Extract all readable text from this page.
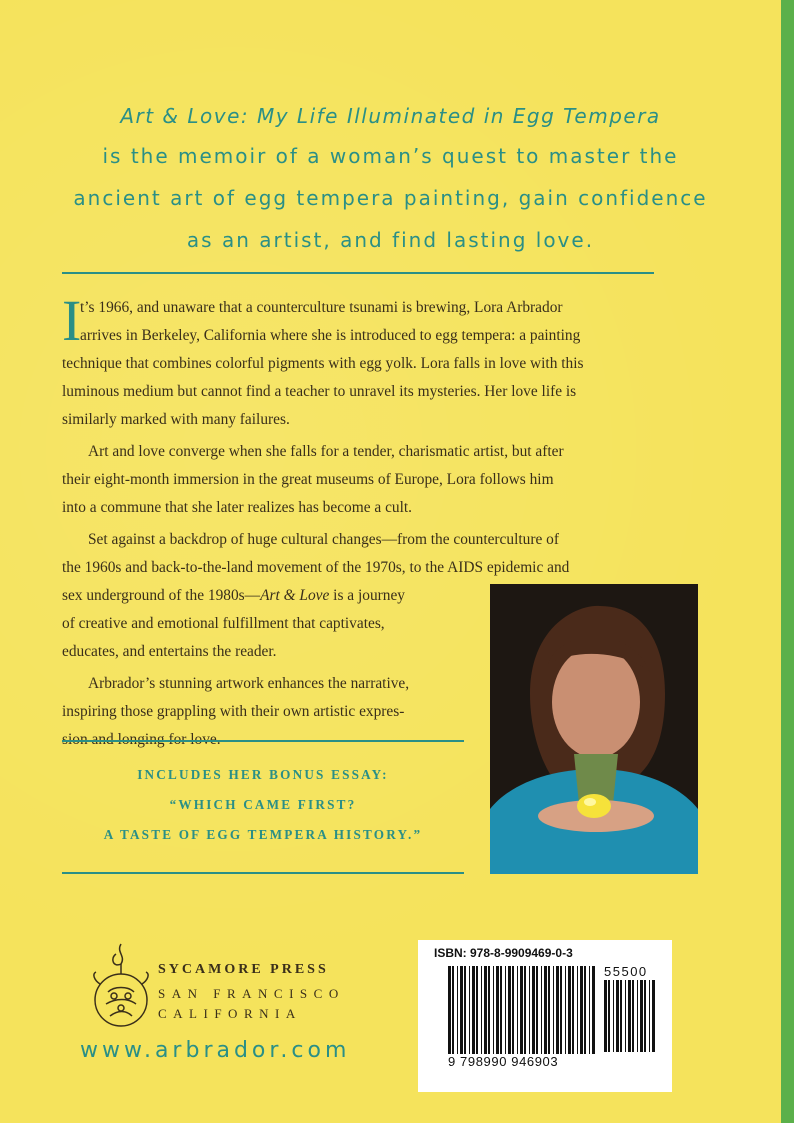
Art & Love: My Life Illuminated in Egg Tempera
is the memoir of a woman’s quest to master the
ancient art of egg tempera painting, gain confidence
as an artist, and find lasting love.
I

t’s 1966, and unaware that a counterculture tsunami is brewing, Lora Arbrador

arrives in Berkeley, California where she is introduced to egg tempera: a painting

technique that combines colorful pigments with egg yolk. Lora falls in love with this

luminous medium but cannot find a teacher to unravel its mysteries. Her love life is

similarly marked with many failures.

Art and love converge when she falls for a tender, charismatic artist, but after

their eight-month immersion in the great museums of Europe, Lora follows him

into a commune that she later realizes has become a cult.

Set against a backdrop of huge cultural changes—from the counterculture of

the 1960s and back-to-the-land movement of the 1970s, to the AIDS epidemic and

sex underground of the 1980s—Art & Love is a journey

of creative and emotional fulfillment that captivates,

educates, and entertains the reader.

Arbrador’s stunning artwork enhances the narrative,

inspiring those grappling with their own artistic expres-

INCLUDES HER BONUS ESSAY:
“WHICH CAME FIRST?
A TASTE OF EGG TEMPERA HISTORY.”
SYCAMORE PRESS
SAN FRANCISCO
CALIFORNIA
www.arbrador.com
ISBN: 978-8-9909469-0-3
9 798990 946903
55500
